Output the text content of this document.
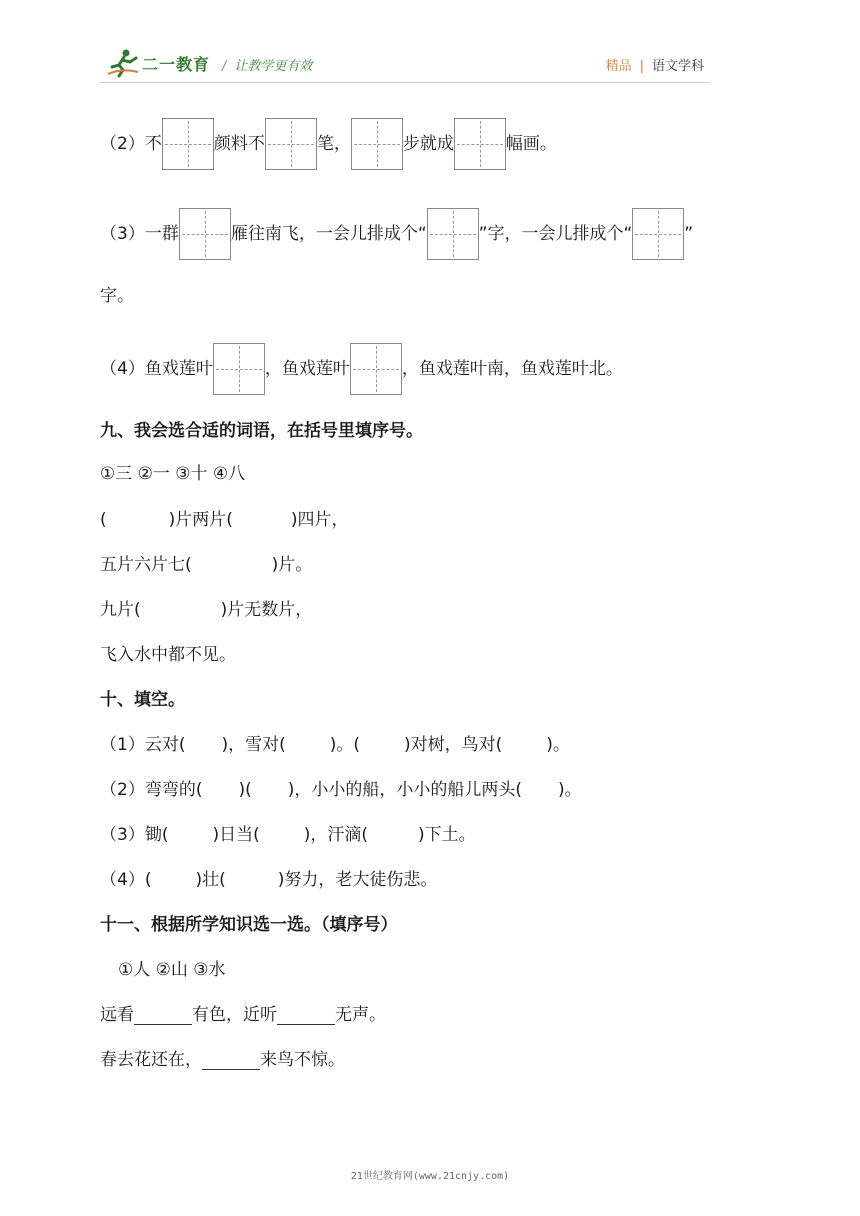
二一教育 / 让教学更有效	精品 | 语文学科
（2）不	颜料不	笔，	步就成	幅画。
（3）一群	雁往南飞，一会儿排成个“	”字，一会儿排成个“	”
字。
（4）鱼戏莲叶	，鱼戏莲叶	，鱼戏莲叶南，鱼戏莲叶北。
九、我会选合适的词语，在括号里填序号。
①三 ②一 ③十 ④八
(	)片两片(	)四片，
五片六片七(	)片。
九片(	)片无数片，
飞入水中都不见。
十、填空。
（1）云对( )，雪对(	)。(	)对树，鸟对(	)。
（2）弯弯的( )( )，小小的船，小小的船儿两头( )。
（3）锄(	)日当(	)，汗滴(	)下土。
（4）(	)壮(	)努力，老大徒伤悲。
十一、根据所学知识选一选。（填序号）
①人 ②山 ③水
远看	有色，近听	无声。
春去花还在，	来鸟不惊。
21世纪教育网(www.21cnjy.com)
